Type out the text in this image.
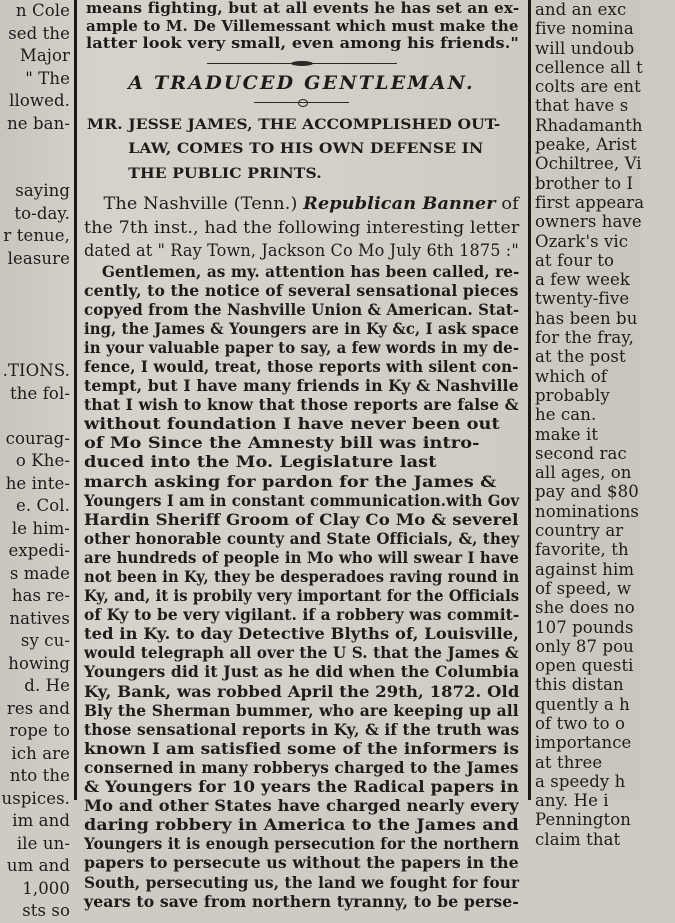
n Cole
sed the
Major
" The
llowed.
ne ban-
saying
to-day.
r tenue,
leasure
.TIONS.
the fol-
courag-
o Khe-
he inte-
e. Col.
le him-
expedi-
s made
has re-
natives
sy cu-
howing
d. He
res and
rope to
ich are
nto the
uspices.
im and
ile un-
um and
1,000
sts so
means fighting, but at all events he has set an ex-
ample to M. De Villemessant which must make the
latter look very small, even among his friends."
A TRADUCED GENTLEMAN.
MR. JESSE JAMES, THE ACCOMPLISHED OUT-
LAW, COMES TO HIS OWN DEFENSE IN
THE PUBLIC PRINTS.
The Nashville (Tenn.) Republican Banner of
the 7th inst., had the following interesting letter
dated at " Ray Town, Jackson Co Mo July 6th 1875 :"
Gentlemen, as my. attention has been called, re-
cently, to the notice of several sensational pieces
copyed from the Nashville Union & American. Stat-
ing, the James & Youngers are in Ky &c, I ask space
in your valuable paper to say, a few words in my de-
fence, I would, treat, those reports with silent con-
tempt, but I have many friends in Ky & Nashville
that I wish to know that those reports are false &
without foundation I have never been out
of Mo Since the Amnesty bill was intro-
duced into the Mo. Legislature last
march asking for pardon for the James &
Youngers I am in constant communication.with Gov
Hardin Sheriff Groom of Clay Co Mo & severel
other honorable county and State Officials, &, they
are hundreds of people in Mo who will swear I have
not been in Ky, they be desperadoes raving round in
Ky, and, it is probily very important for the Officials
of Ky to be very vigilant. if a robbery was commit-
ted in Ky. to day Detective Blyths of, Louisville,
would telegraph all over the U S. that the James &
Youngers did it Just as he did when the Columbia
Ky, Bank, was robbed April the 29th, 1872. Old
Bly the Sherman bummer, who are keeping up all
those sensational reports in Ky, & if the truth was
known I am satisfied some of the informers is
conserned in many robberys charged to the James
& Youngers for 10 years the Radical papers in
Mo and other States have charged nearly every
daring robbery in America to the James and
Youngers it is enough persecution for the northern
papers to persecute us without the papers in the
South, persecuting us, the land we fought for four
years to save from northern tyranny, to be perse-
and an exc
five nomina
will undoub
cellence all t
colts are ent
that have s
Rhadamanth
peake, Arist
Ochiltree, Vi
brother to I
first appeara
owners have
Ozark's vic
at four to
a few week
twenty-five
has been bu
for the fray,
at the post
which of
probably
he can.
make it
second rac
all ages, on
pay and $80
nominations
country ar
favorite, th
against him
of speed, w
she does no
107 pounds
only 87 pou
open questi
this distan
quently a h
of two to o
importance
at three
a speedy h
any. He i
Pennington
claim that
